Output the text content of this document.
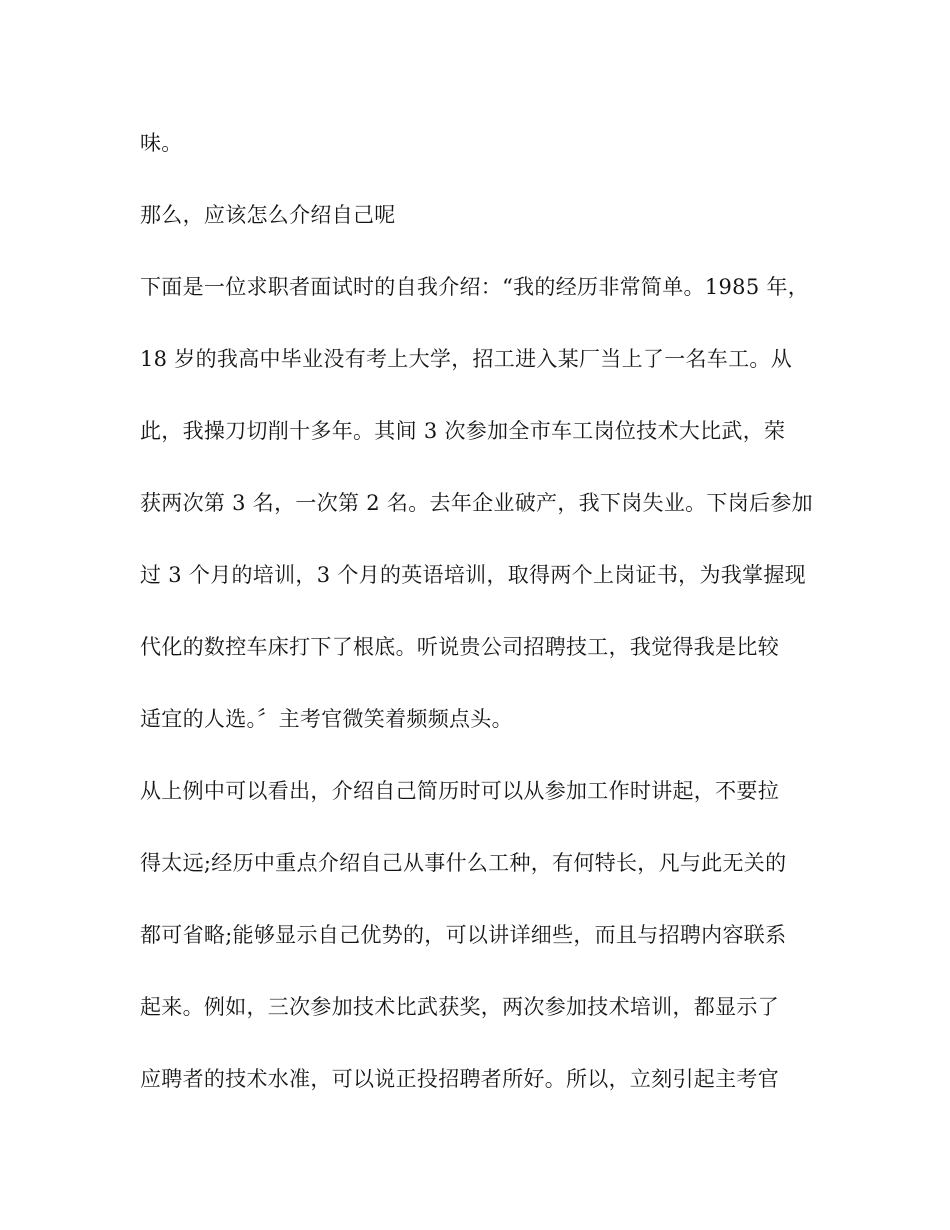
味。
那么，应该怎么介绍自己呢
下面是一位求职者面试时的自我介绍：“我的经历非常简单。1985 年，
18 岁的我高中毕业没有考上大学，招工进入某厂当上了一名车工。从
此，我操刀切削十多年。其间 3 次参加全市车工岗位技术大比武，荣
获两次第 3 名，一次第 2 名。去年企业破产，我下岗失业。下岗后参加
过 3 个月的培训，3 个月的英语培训，取得两个上岗证书，为我掌握现
代化的数控车床打下了根底。听说贵公司招聘技工，我觉得我是比较
适宜的人选。〞主考官微笑着频频点头。
从上例中可以看出，介绍自己简历时可以从参加工作时讲起，不要拉
得太远;经历中重点介绍自己从事什么工种，有何特长，凡与此无关的
都可省略;能够显示自己优势的，可以讲详细些，而且与招聘内容联系
起来。例如，三次参加技术比武获奖，两次参加技术培训，都显示了
应聘者的技术水准，可以说正投招聘者所好。所以，立刻引起主考官
